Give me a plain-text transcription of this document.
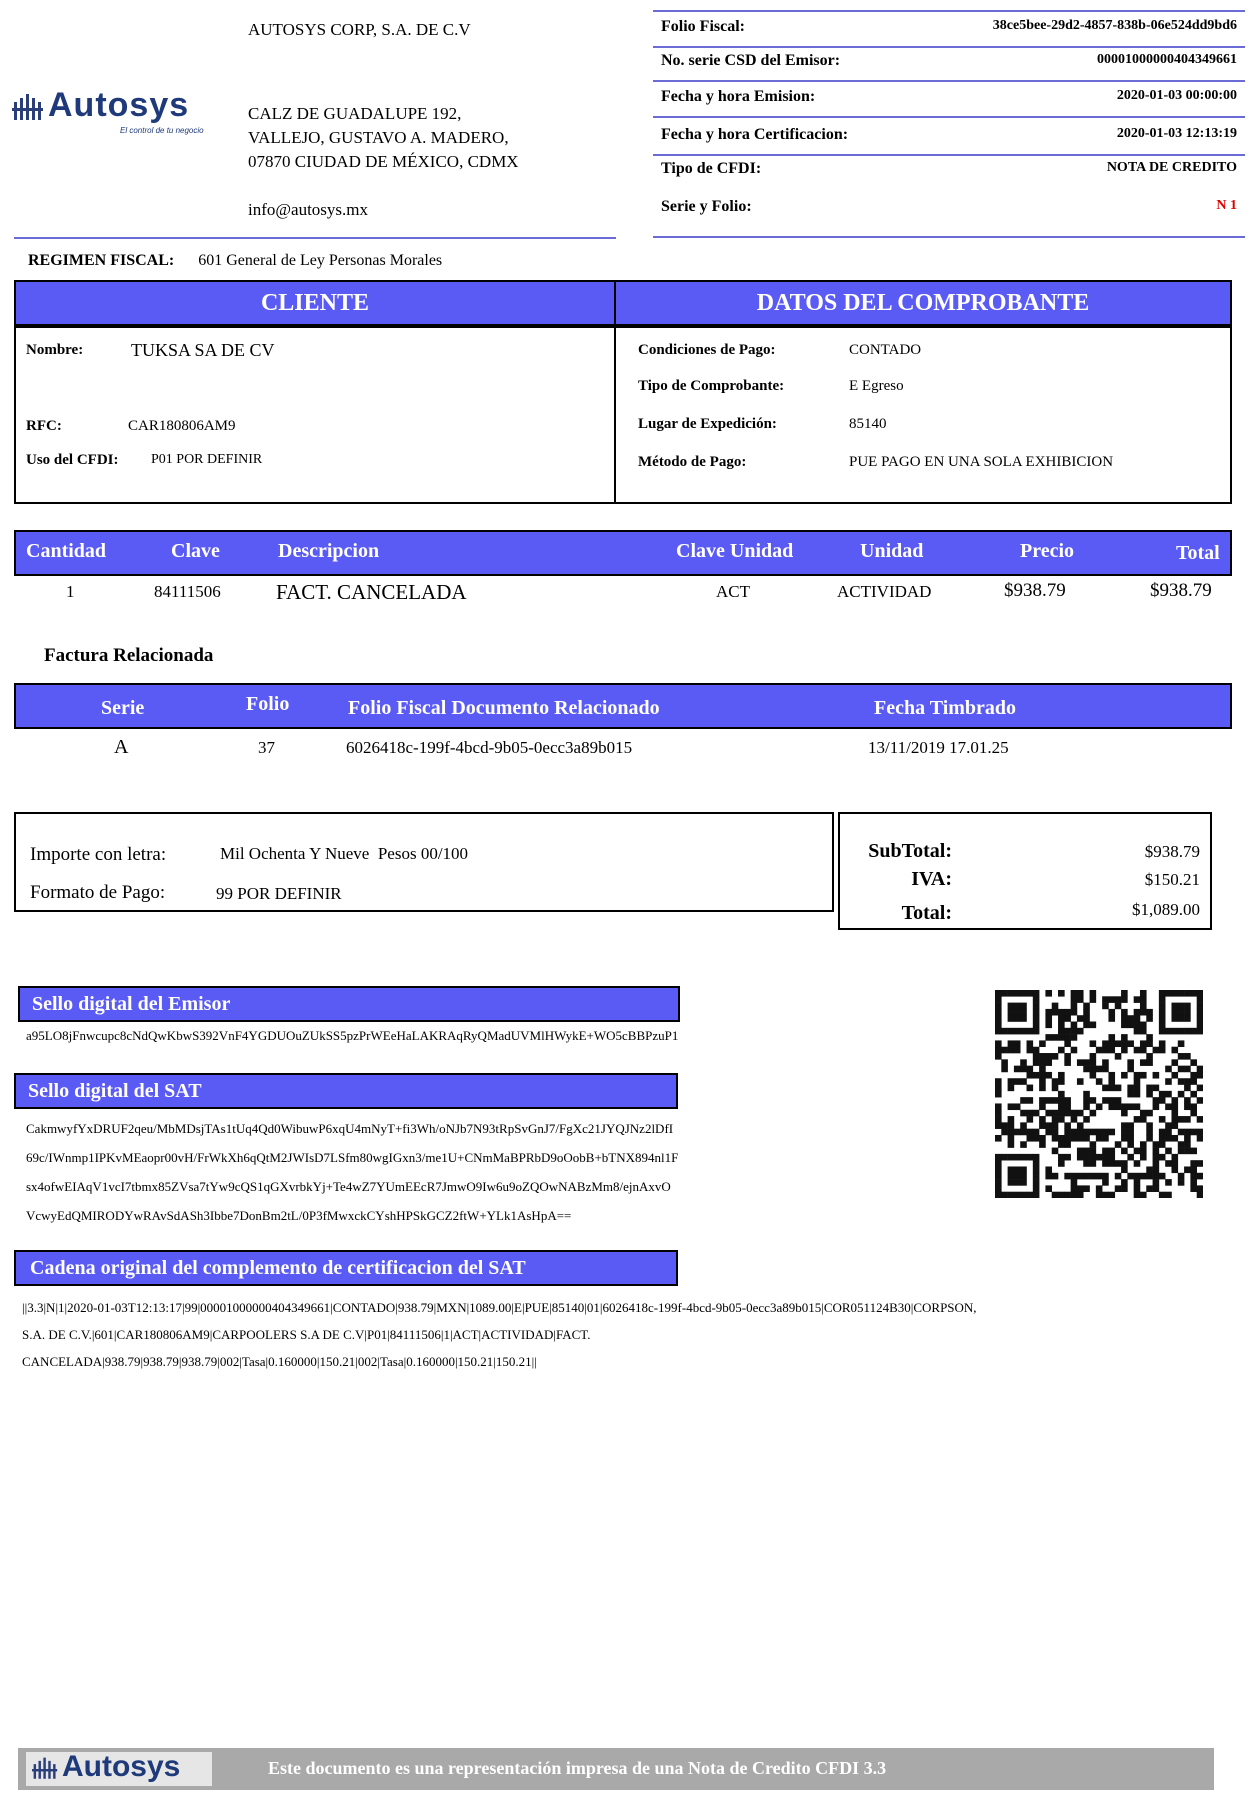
AUTOSYS CORP, S.A. DE C.V
Autosys
El control de tu negocio
CALZ DE GUADALUPE 192,
VALLEJO, GUSTAVO A. MADERO,
07870 CIUDAD DE MÉXICO, CDMX
info@autosys.mx
Folio Fiscal:	38ce5bee-29d2-4857-838b-06e524dd9bd6
No. serie CSD del Emisor:	00001000000404349661
Fecha y hora Emision:	2020-01-03 00:00:00
Fecha y hora Certificacion:	2020-01-03 12:13:19
Tipo de CFDI:	NOTA DE CREDITO
Serie y Folio:	N 1
REGIMEN FISCAL: 601 General de Ley Personas Morales
CLIENTE	DATOS DEL COMPROBANTE
Nombre:	TUKSA SA DE CV
RFC:	CAR180806AM9
Uso del CFDI: P01 POR DEFINIR
Condiciones de Pago:	CONTADO
Tipo de Comprobante:	E Egreso
Lugar de Expedición:	85140
Método de Pago:	PUE PAGO EN UNA SOLA EXHIBICION
Cantidad	Clave	Descripcion	Clave Unidad	Unidad	Precio	Total
1	84111506	FACT. CANCELADA	ACT	ACTIVIDAD	$938.79	$938.79
Factura Relacionada
Serie	Folio	Folio Fiscal Documento Relacionado	Fecha Timbrado
A	37	6026418c-199f-4bcd-9b05-0ecc3a89b015	13/11/2019 17.01.25
Importe con letra:	Mil Ochenta Y Nueve  Pesos 00/100
Formato de Pago:	99 POR DEFINIR
SubTotal:	$938.79
IVA:	$150.21
Total:	$1,089.00
Sello digital del Emisor
a95LO8jFnwcupc8cNdQwKbwS392VnF4YGDUOuZUkSS5pzPrWEeHaLAKRAqRyQMadUVMlHWykE+WO5cBBPzuP1
Sello digital del SAT
CakmwyfYxDRUF2qeu/MbMDsjTAs1tUq4Qd0WibuwP6xqU4mNyT+fi3Wh/oNJb7N93tRpSvGnJ7/FgXc21JYQJNz2lDfI
69c/IWnmp1IPKvMEaopr00vH/FrWkXh6qQtM2JWIsD7LSfm80wgIGxn3/me1U+CNmMaBPRbD9oOobB+bTNX894nl1F
sx4ofwEIAqV1vcI7tbmx85ZVsa7tYw9cQS1qGXvrbkYj+Te4wZ7YUmEEcR7JmwO9Iw6u9oZQOwNABzMm8/ejnAxvO
VcwyEdQMIRODYwRAvSdASh3Ibbe7DonBm2tL/0P3fMwxckCYshHPSkGCZ2ftW+YLk1AsHpA==
Cadena original del complemento de certificacion del SAT
||3.3|N|1|2020-01-03T12:13:17|99|00001000000404349661|CONTADO|938.79|MXN|1089.00|E|PUE|85140|01|6026418c-199f-4bcd-9b05-0ecc3a89b015|COR051124B30|CORPSON,
S.A. DE C.V.|601|CAR180806AM9|CARPOOLERS S.A DE C.V|P01|84111506|1|ACT|ACTIVIDAD|FACT.
CANCELADA|938.79|938.79|938.79|002|Tasa|0.160000|150.21|002|Tasa|0.160000|150.21|150.21||
Autosys	Este documento es una representación impresa de una Nota de Credito CFDI 3.3
